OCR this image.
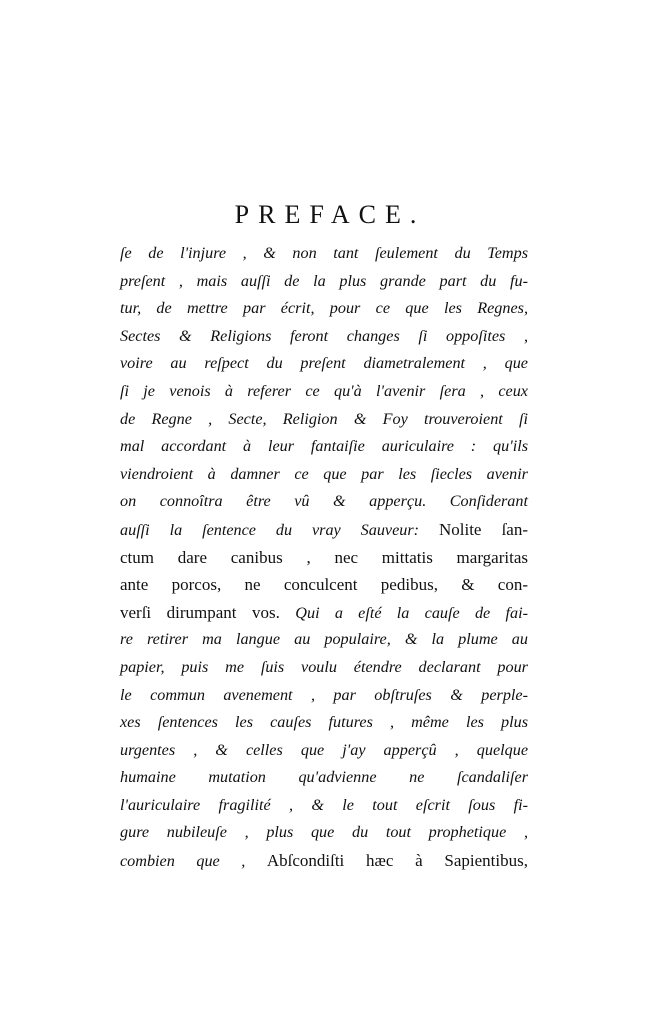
PREFACE.
ſe de l'injure , & non tant ſeulement du Temps
preſent , mais auſſi de la plus grande part du fu-
tur, de mettre par écrit, pour ce que les Regnes,
Sectes & Religions feront changes ſi oppoſites ,
voire au reſpect du preſent diametralement , que
ſi je venois à referer ce qu'à l'avenir ſera , ceux
de Regne , Secte, Religion & Foy trouveroient ſi
mal accordant à leur fantaiſie auriculaire : qu'ils
viendroient à damner ce que par les ſiecles avenir
on connoîtra être vû & apperçu. Conſiderant
auſſi la ſentence du vray Sauveur: Nolite ſan-
ctum dare canibus , nec mittatis margaritas
ante porcos, ne conculcent pedibus, & con-
verſi dirumpant vos. Qui a eſté la cauſe de fai-
re retirer ma langue au populaire, & la plume au
papier, puis me ſuis voulu étendre declarant pour
le commun avenement , par obſtruſes & perple-
xes ſentences les cauſes futures , même les plus
urgentes , & celles que j'ay apperçû , quelque
humaine mutation qu'advienne ne ſcandaliſer
l'auriculaire fragilité , & le tout eſcrit ſous fi-
gure nubileuſe , plus que du tout prophetique ,
combien que , Abſcondiſti hæc à Sapientibus,
